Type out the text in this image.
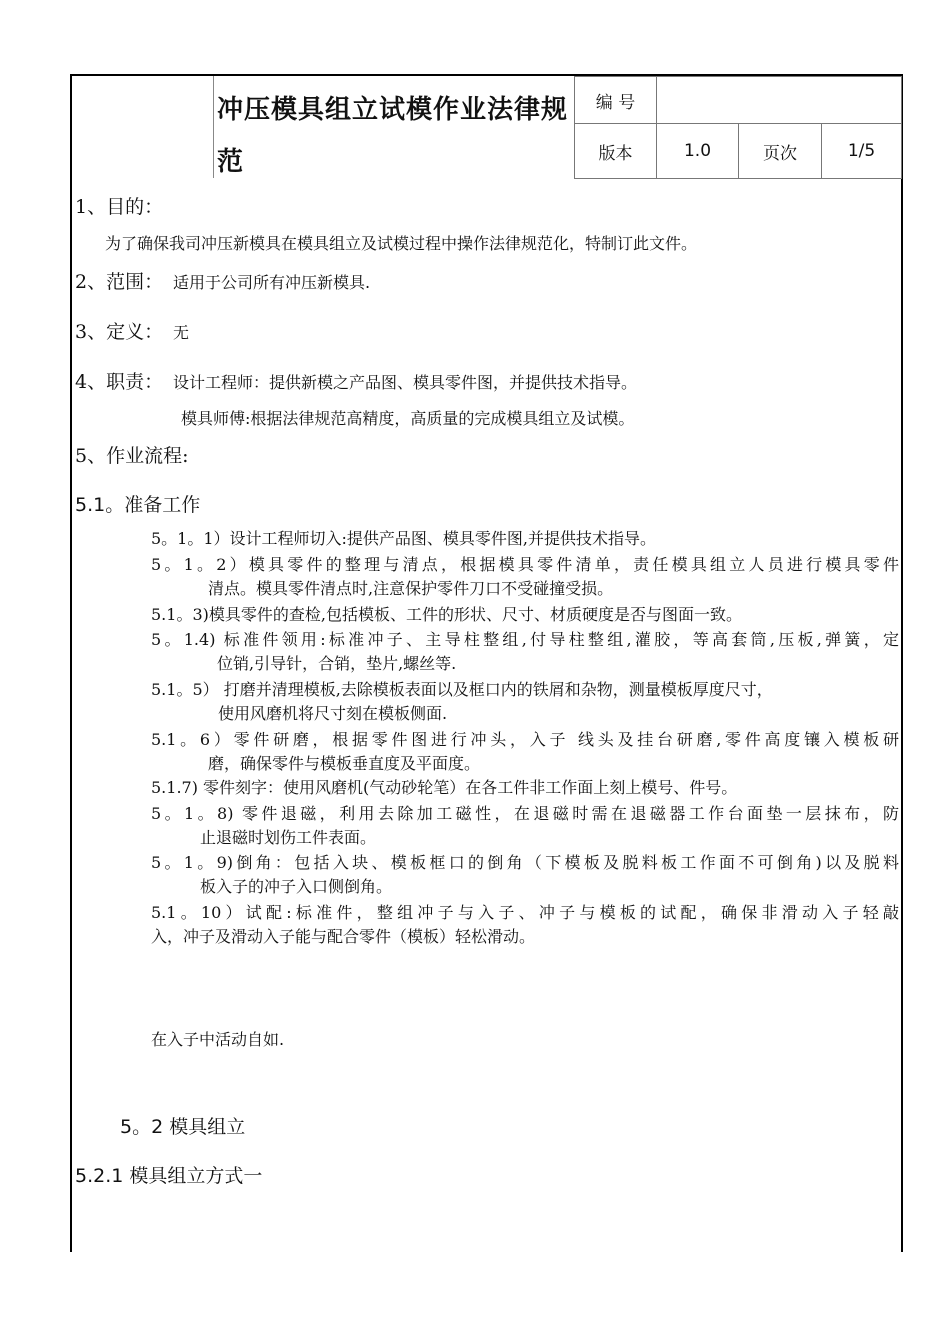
冲压模具组立试模作业法律规范
编 号			
版本	1.0	页次	1/5
1、目的：
为了确保我司冲压新模具在模具组立及试模过程中操作法律规范化，特制订此文件。
2、范围： 适用于公司所有冲压新模具.
3、定义： 无
4、职责： 设计工程师：提供新模之产品图、模具零件图，并提供技术指导。
模具师傅:根据法律规范高精度，高质量的完成模具组立及试模。
5、作业流程:
5.1。准备工作
5。1。1）设计工程师切入:提供产品图、模具零件图,并提供技术指导。
5。1。2）模具零件的整理与清点，根据模具零件清单，责任模具组立人员进行模具零件
清点。模具零件清点时,注意保护零件刀口不受碰撞受损。
5.1。3)模具零件的查检,包括模板、工件的形状、尺寸、材质硬度是否与图面一致。
5。1.4) 标准件领用:标准冲子、主导柱整组,付导柱整组,灌胶，等高套筒,压板,弹簧，定
位销,引导针，合销，垫片,螺丝等.
5.1。5） 打磨并清理模板,去除模板表面以及框口内的铁屑和杂物，测量模板厚度尺寸，
使用风磨机将尺寸刻在模板侧面.
5.1。6）零件研磨，根据零件图进行冲头，入子 线头及挂台研磨,零件高度镶入模板研
磨，确保零件与模板垂直度及平面度。
5.1.7) 零件刻字：使用风磨机(气动砂轮笔）在各工件非工作面上刻上模号、件号。
5。1。8) 零件退磁，利用去除加工磁性，在退磁时需在退磁器工作台面垫一层抹布，防
止退磁时划伤工件表面。
5。1。9)倒角：包括入块、模板框口的倒角（下模板及脱料板工作面不可倒角)以及脱料
板入子的冲子入口侧倒角。
5.1。10）试配:标准件，整组冲子与入子、冲子与模板的试配，确保非滑动入子轻敲
入，冲子及滑动入子能与配合零件（模板）轻松滑动。
在入子中活动自如.
5。2 模具组立
5.2.1 模具组立方式一
